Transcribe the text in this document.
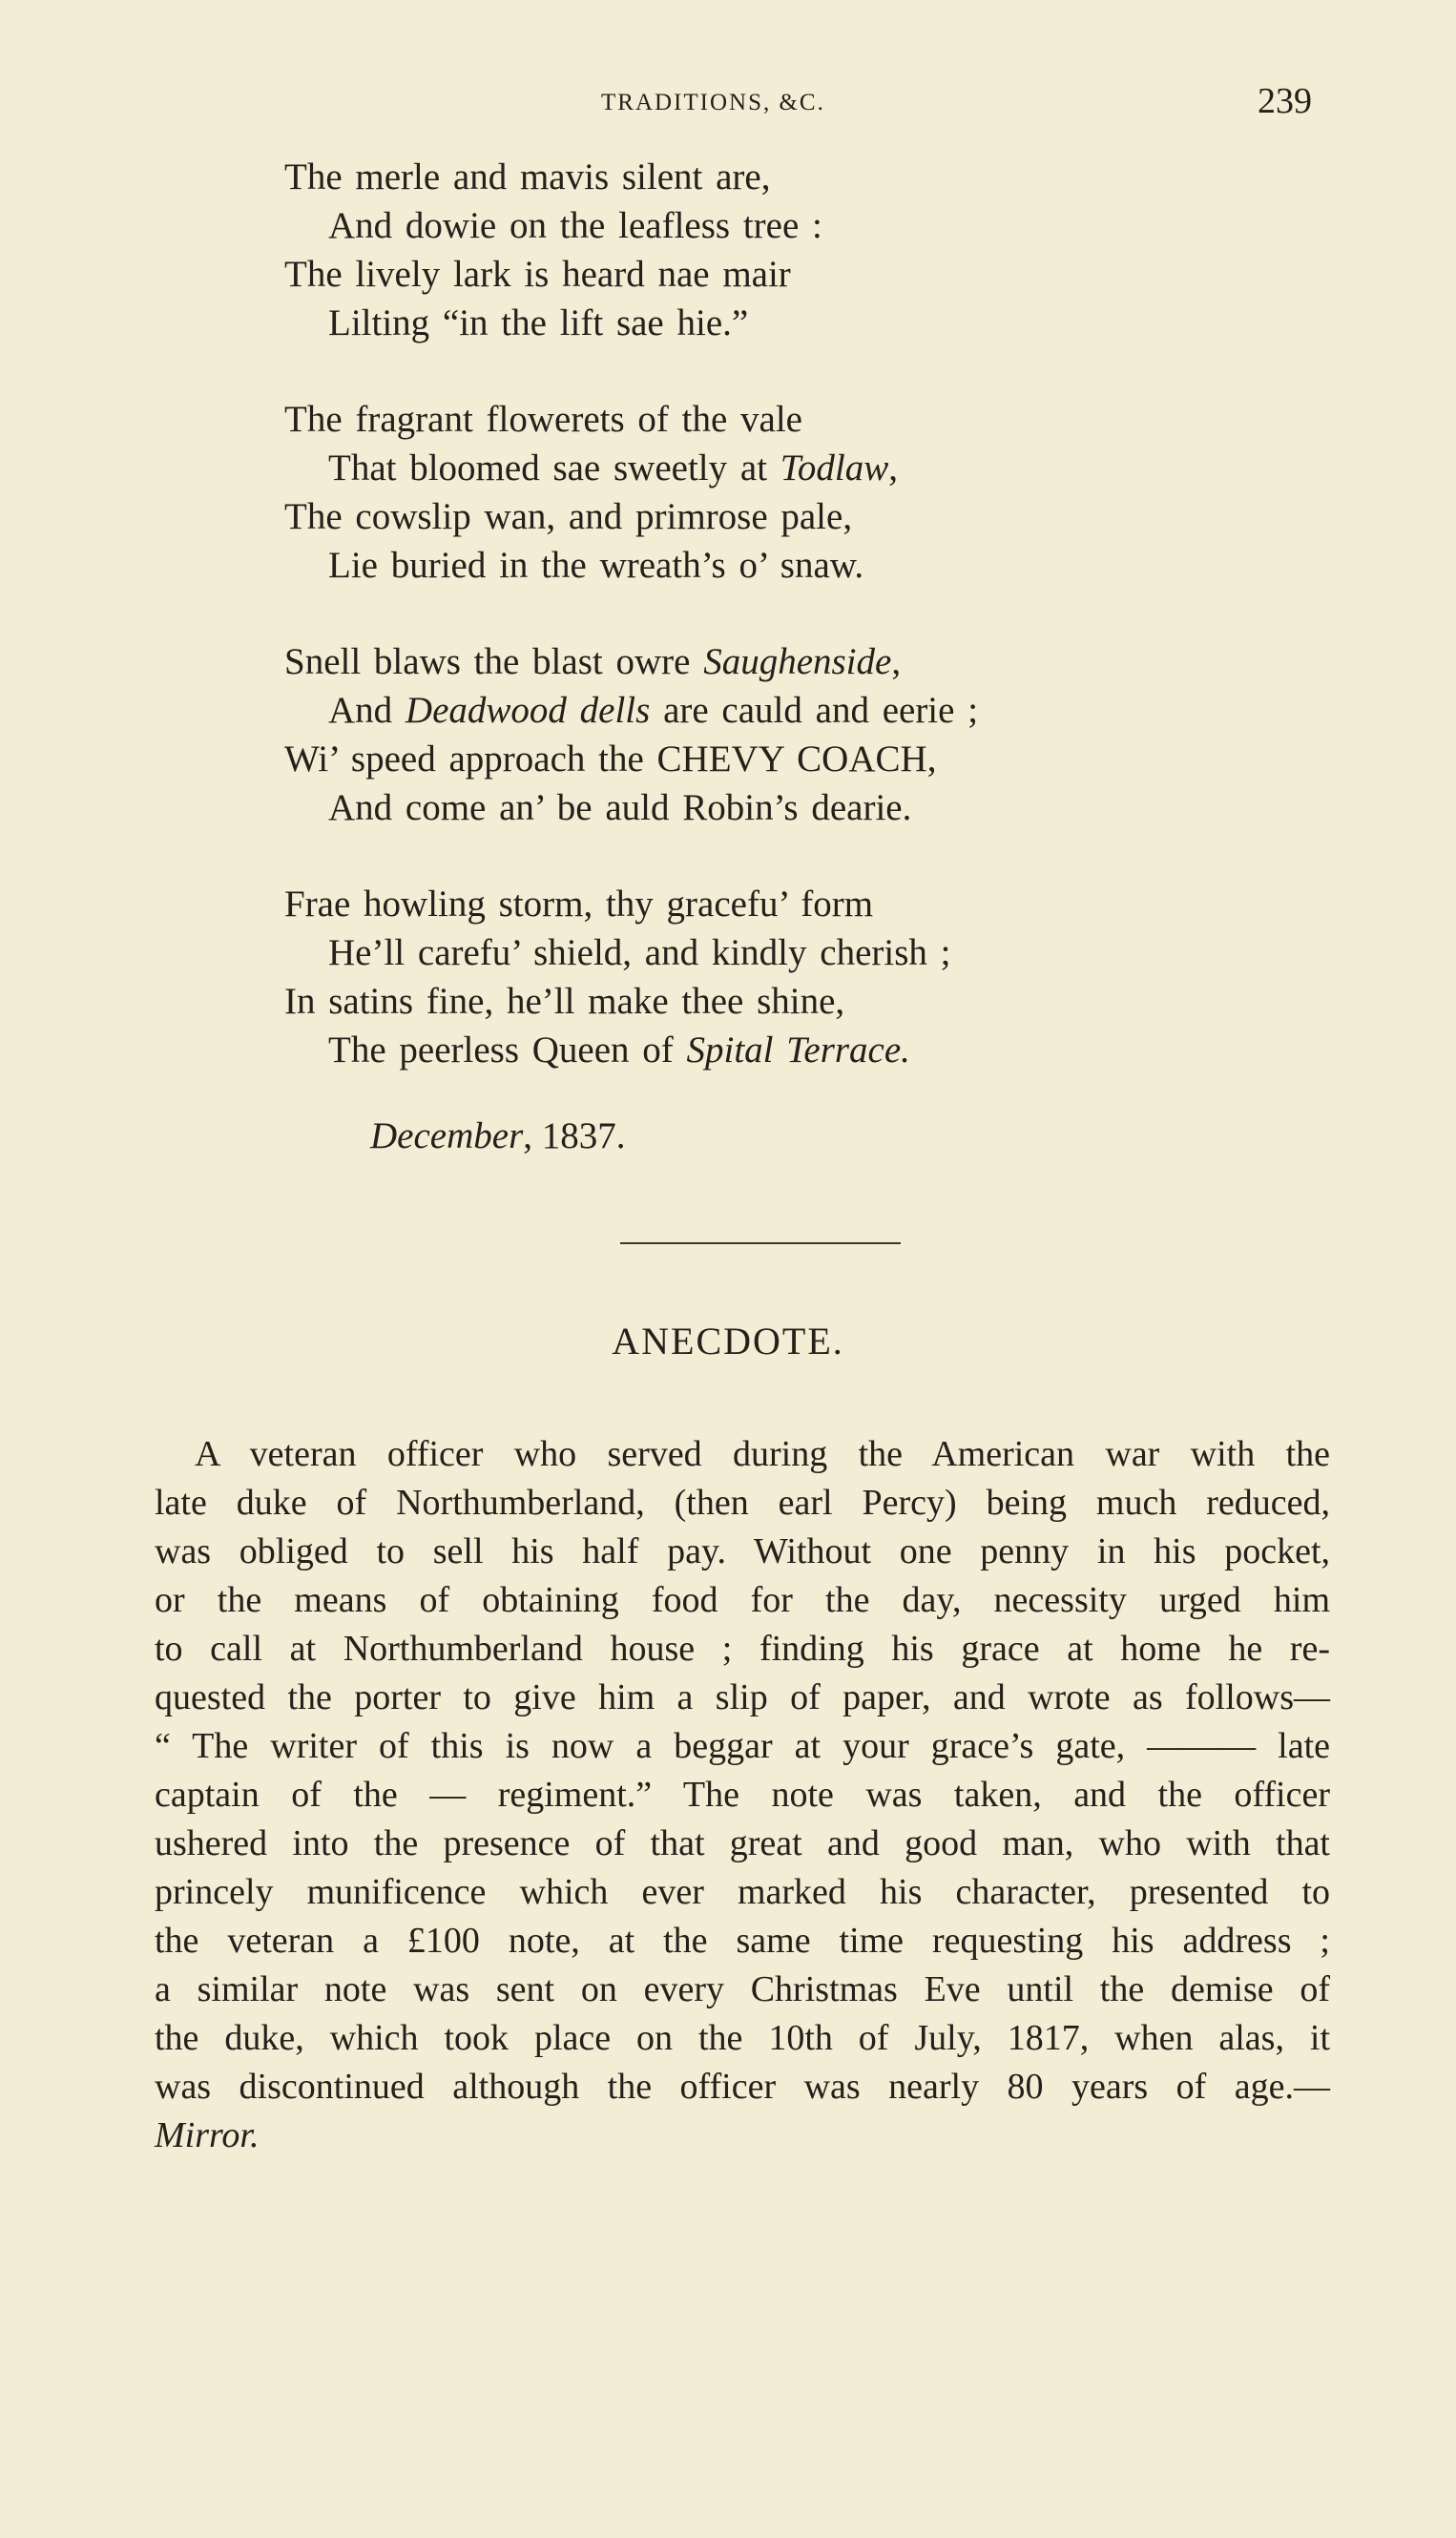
TRADITIONS, &C.	239
The merle and mavis silent are,
And dowie on the leafless tree :
The lively lark is heard nae mair
Lilting “in the lift sae hie.”
The fragrant flowerets of the vale
That bloomed sae sweetly at Todlaw,
The cowslip wan, and primrose pale,
Lie buried in the wreath’s o’ snaw.
Snell blaws the blast owre Saughenside,
And Deadwood dells are cauld and eerie ;
Wi’ speed approach the CHEVY COACH,
And come an’ be auld Robin’s dearie.
Frae howling storm, thy gracefu’ form
He’ll carefu’ shield, and kindly cherish ;
In satins fine, he’ll make thee shine,
The peerless Queen of Spital Terrace.
December, 1837.
ANECDOTE.
A veteran officer who served during the American war with the
late duke of Northumberland, (then earl Percy) being much reduced,
was obliged to sell his half pay. Without one penny in his pocket,
or the means of obtaining food for the day, necessity urged him
to call at Northumberland house ; finding his grace at home he re-
quested the porter to give him a slip of paper, and wrote as follows—
“ The writer of this is now a beggar at your grace’s gate, ——— late
captain of the — regiment.” The note was taken, and the officer
ushered into the presence of that great and good man, who with that
princely munificence which ever marked his character, presented to
the veteran a £100 note, at the same time requesting his address ;
a similar note was sent on every Christmas Eve until the demise of
the duke, which took place on the 10th of July, 1817, when alas, it
was discontinued although the officer was nearly 80 years of age.—
Mirror.
